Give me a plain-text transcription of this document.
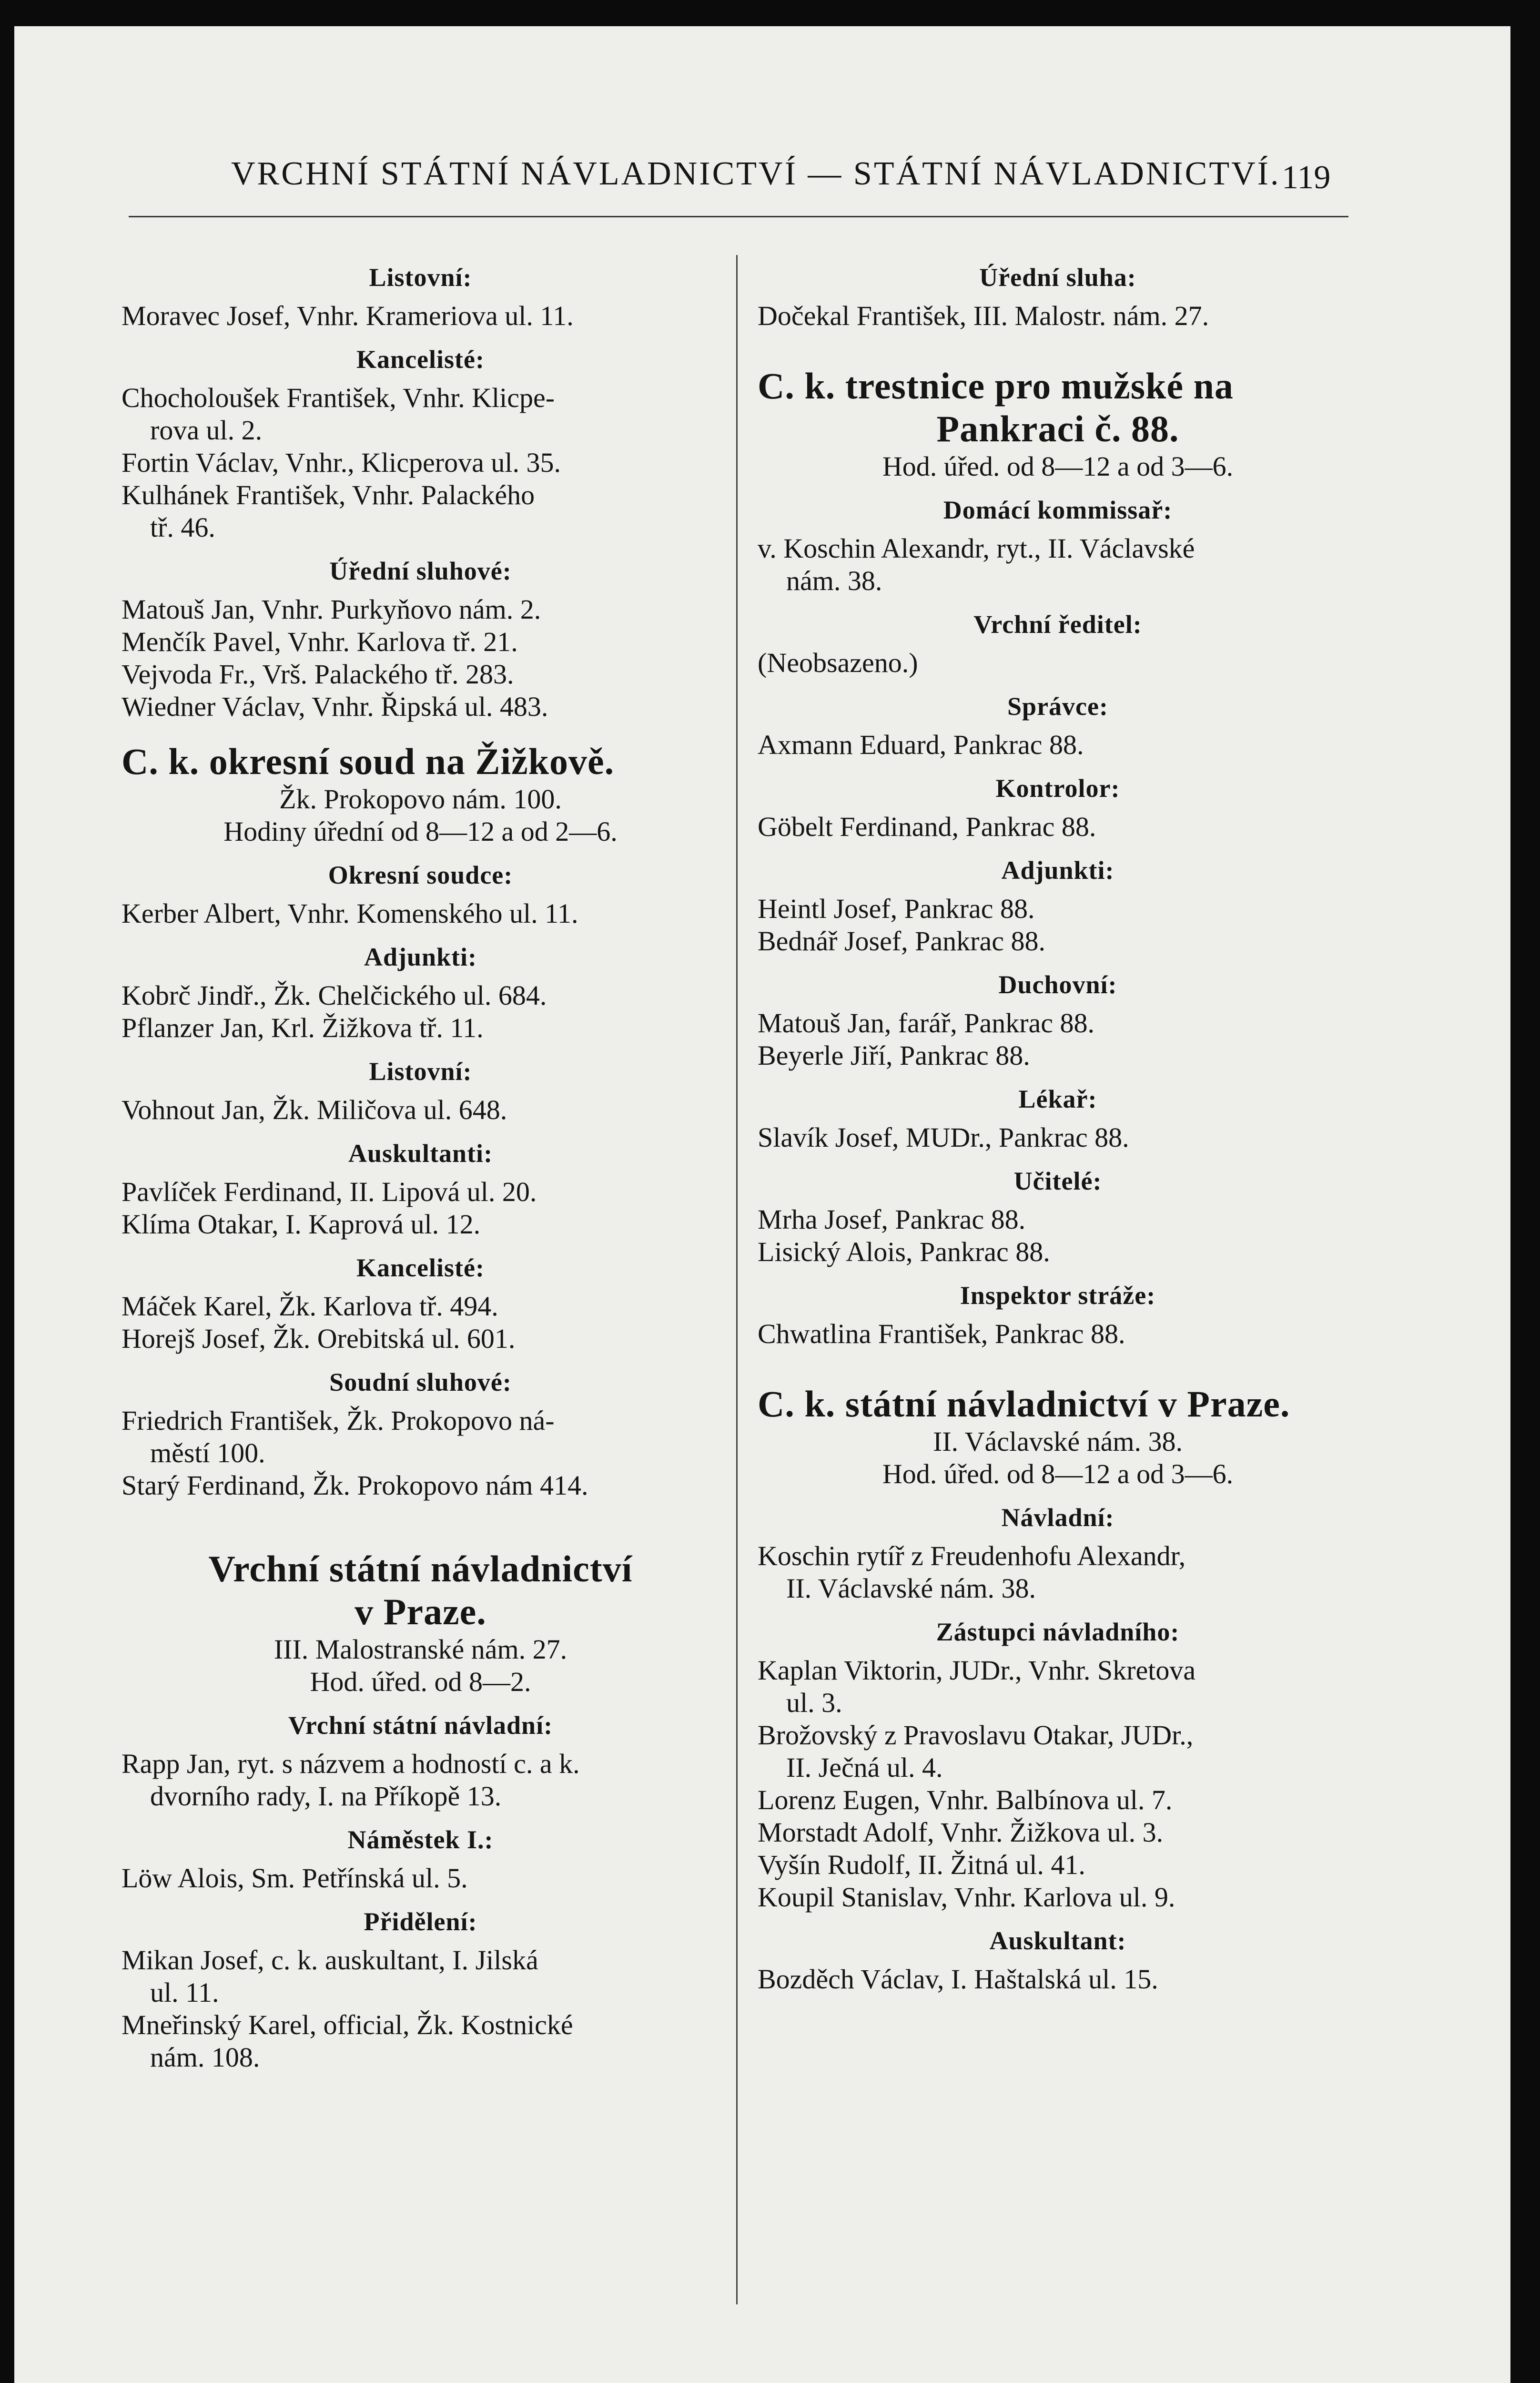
VRCHNÍ STÁTNÍ NÁVLADNICTVÍ — STÁTNÍ NÁVLADNICTVÍ. 119
Listovní:
Moravec Josef, Vnhr. Krameriova ul. 11.
Kancelisté:
Chocholoušek František, Vnhr. Klicpe-
rova ul. 2.
Fortin Václav, Vnhr., Klicperova ul. 35.
Kulhánek František, Vnhr. Palackého
tř. 46.
Úřední sluhové:
Matouš Jan, Vnhr. Purkyňovo nám. 2.
Menčík Pavel, Vnhr. Karlova tř. 21.
Vejvoda Fr., Vrš. Palackého tř. 283.
Wiedner Václav, Vnhr. Řipská ul. 483.
C. k. okresní soud na Žižkově.
Žk. Prokopovo nám. 100.
Hodiny úřední od 8—12 a od 2—6.
Okresní soudce:
Kerber Albert, Vnhr. Komenského ul. 11.
Adjunkti:
Kobrč Jindř., Žk. Chelčického ul. 684.
Pflanzer Jan, Krl. Žižkova tř. 11.
Listovní:
Vohnout Jan, Žk. Miličova ul. 648.
Auskultanti:
Pavlíček Ferdinand, II. Lipová ul. 20.
Klíma Otakar, I. Kaprová ul. 12.
Kancelisté:
Máček Karel, Žk. Karlova tř. 494.
Horejš Josef, Žk. Orebitská ul. 601.
Soudní sluhové:
Friedrich František, Žk. Prokopovo ná-
městí 100.
Starý Ferdinand, Žk. Prokopovo nám 414.
Vrchní státní návladnictví
v Praze.
III. Malostranské nám. 27.
Hod. úřed. od 8—2.
Vrchní státní návladní:
Rapp Jan, ryt. s názvem a hodností c. a k.
dvorního rady, I. na Příkopě 13.
Náměstek I.:
Löw Alois, Sm. Petřínská ul. 5.
Přidělení:
Mikan Josef, c. k. auskultant, I. Jilská
ul. 11.
Mneřinský Karel, official, Žk. Kostnické
nám. 108.
Úřední sluha:
Dočekal František, III. Malostr. nám. 27.
C. k. trestnice pro mužské na
Pankraci č. 88.
Hod. úřed. od 8—12 a od 3—6.
Domácí kommissař:
v. Koschin Alexandr, ryt., II. Václavské
nám. 38.
Vrchní ředitel:
(Neobsazeno.)
Správce:
Axmann Eduard, Pankrac 88.
Kontrolor:
Göbelt Ferdinand, Pankrac 88.
Adjunkti:
Heintl Josef, Pankrac 88.
Bednář Josef, Pankrac 88.
Duchovní:
Matouš Jan, farář, Pankrac 88.
Beyerle Jiří, Pankrac 88.
Lékař:
Slavík Josef, MUDr., Pankrac 88.
Učitelé:
Mrha Josef, Pankrac 88.
Lisický Alois, Pankrac 88.
Inspektor stráže:
Chwatlina František, Pankrac 88.
C. k. státní návladnictví v Praze.
II. Václavské nám. 38.
Hod. úřed. od 8—12 a od 3—6.
Návladní:
Koschin rytíř z Freudenhofu Alexandr,
II. Václavské nám. 38.
Zástupci návladního:
Kaplan Viktorin, JUDr., Vnhr. Skretova
ul. 3.
Brožovský z Pravoslavu Otakar, JUDr.,
II. Ječná ul. 4.
Lorenz Eugen, Vnhr. Balbínova ul. 7.
Morstadt Adolf, Vnhr. Žižkova ul. 3.
Vyšín Rudolf, II. Žitná ul. 41.
Koupil Stanislav, Vnhr. Karlova ul. 9.
Auskultant:
Bozděch Václav, I. Haštalská ul. 15.
